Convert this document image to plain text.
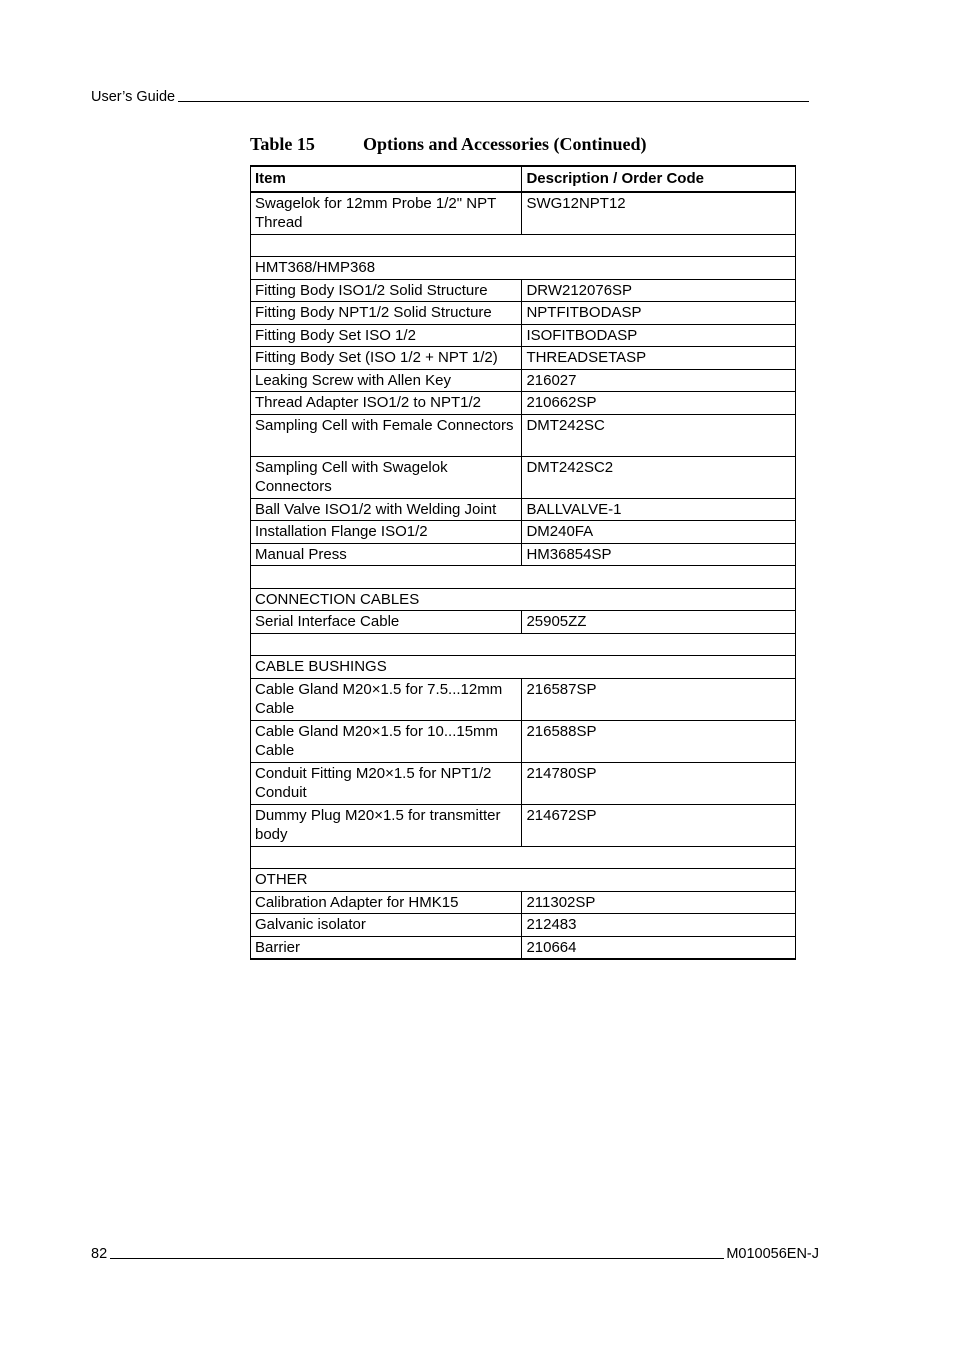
User’s Guide
Table 15	Options and Accessories (Continued)
Item	Description / Order Code
Swagelok for 12mm Probe 1/2" NPT Thread	SWG12NPT12

HMT368/HMP368	
Fitting Body ISO1/2 Solid Structure	DRW212076SP
Fitting Body NPT1/2 Solid Structure	NPTFITBODASP
Fitting Body Set ISO 1/2	ISOFITBODASP
Fitting Body Set (ISO 1/2 + NPT 1/2)	THREADSETASP
Leaking Screw with Allen Key	216027
Thread Adapter ISO1/2 to NPT1/2	210662SP
Sampling Cell with Female Connectors	DMT242SC
Sampling Cell with Swagelok Connectors	DMT242SC2
Ball Valve ISO1/2 with Welding Joint	BALLVALVE-1
Installation Flange ISO1/2	DM240FA
Manual Press	HM36854SP

CONNECTION CABLES	
Serial Interface Cable	25905ZZ

CABLE BUSHINGS	
Cable Gland M20×1.5 for 7.5...12mm Cable	216587SP
Cable Gland M20×1.5 for 10...15mm Cable	216588SP
Conduit Fitting M20×1.5 for NPT1/2 Conduit	214780SP
Dummy Plug M20×1.5 for transmitter body	214672SP

OTHER	
Calibration Adapter for HMK15	211302SP
Galvanic isolator	212483
Barrier	210664
82	M010056EN-J
